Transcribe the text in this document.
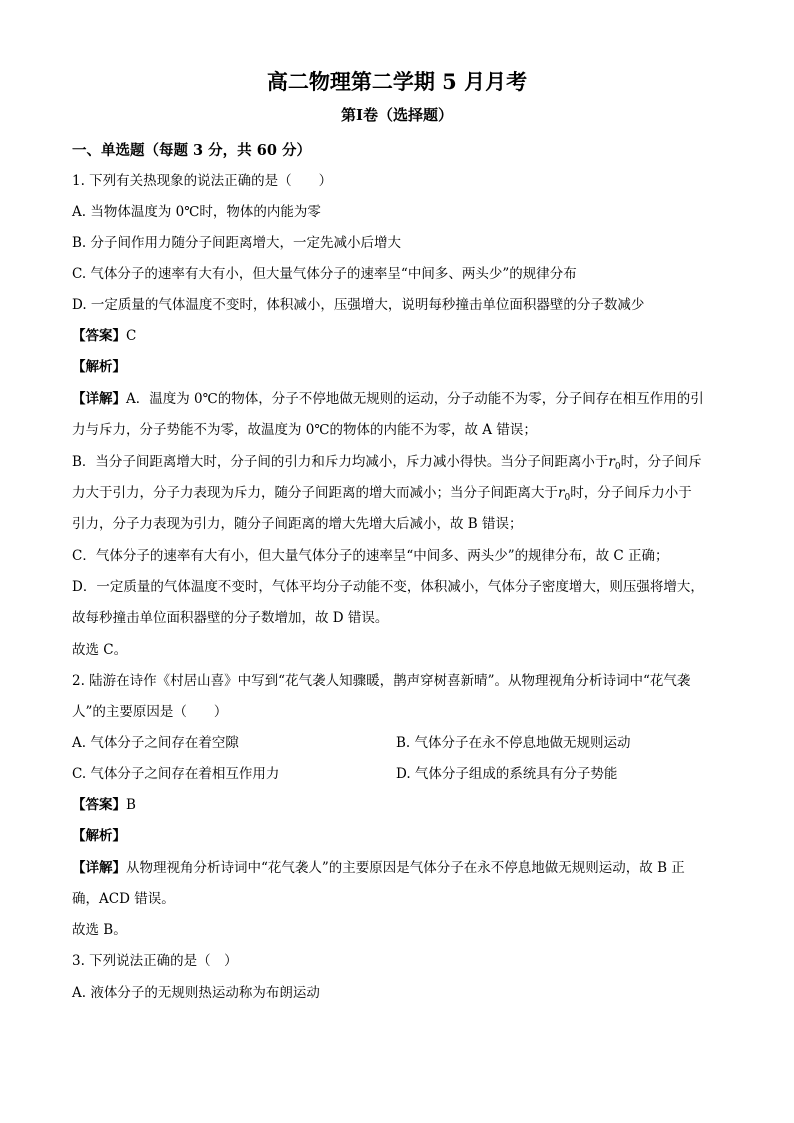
高二物理第二学期 5 月月考
第Ⅰ卷（选择题）
一、单选题（每题 3 分，共 60 分）
1. 下列有关热现象的说法正确的是（　　）
A. 当物体温度为 0℃时，物体的内能为零
B. 分子间作用力随分子间距离增大，一定先减小后增大
C. 气体分子的速率有大有小，但大量气体分子的速率呈“中间多、两头少”的规律分布
D. 一定质量的气体温度不变时，体积减小，压强增大，说明每秒撞击单位面积器壁的分子数减少
【答案】C
【解析】
【详解】A．温度为 0℃的物体，分子不停地做无规则的运动，分子动能不为零，分子间存在相互作用的引
力与斥力，分子势能不为零，故温度为 0℃的物体的内能不为零，故 A 错误；
B．当分子间距离增大时，分子间的引力和斥力均减小，斥力减小得快。当分子间距离小于$r_0$时，分子间斥
力大于引力，分子力表现为斥力，随分子间距离的增大而减小；当分子间距离大于$r_0$时，分子间斥力小于
引力，分子力表现为引力，随分子间距离的增大先增大后减小，故 B 错误；
C．气体分子的速率有大有小，但大量气体分子的速率呈“中间多、两头少”的规律分布，故 C 正确；
D．一定质量的气体温度不变时，气体平均分子动能不变，体积减小，气体分子密度增大，则压强将增大，
故每秒撞击单位面积器壁的分子数增加，故 D 错误。
故选 C。
2. 陆游在诗作《村居山喜》中写到“花气袭人知骤暖，鹊声穿树喜新晴”。从物理视角分析诗词中“花气袭
人”的主要原因是（　　）
A. 气体分子之间存在着空隙	B. 气体分子在永不停息地做无规则运动
C. 气体分子之间存在着相互作用力	D. 气体分子组成的系统具有分子势能
【答案】B
【解析】
【详解】从物理视角分析诗词中“花气袭人”的主要原因是气体分子在永不停息地做无规则运动，故 B 正
确，ACD 错误。
故选 B。
3. 下列说法正确的是（　）
A. 液体分子的无规则热运动称为布朗运动
